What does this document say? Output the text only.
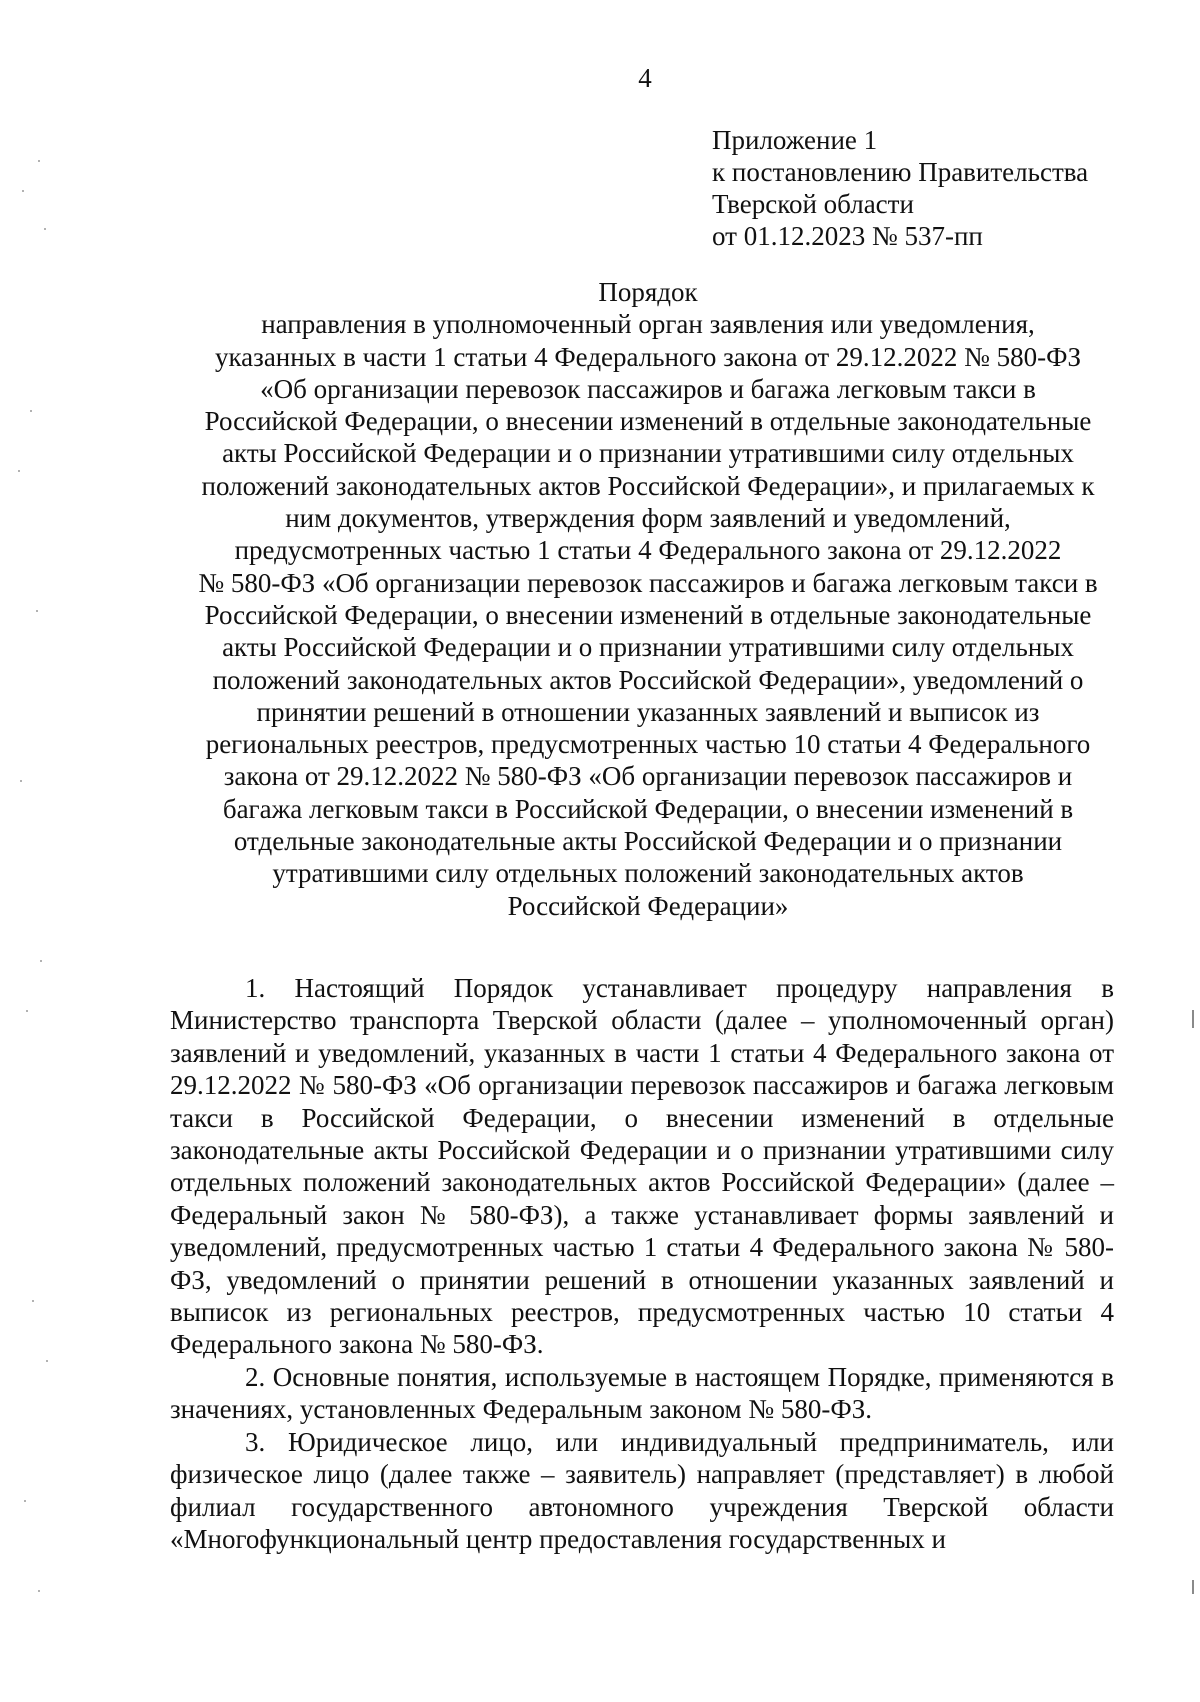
4
Приложение 1
к постановлению Правительства
Тверской области
от 01.12.2023 № 537-пп
Порядок
направления в уполномоченный орган заявления или уведомления,
указанных в части 1 статьи 4 Федерального закона от 29.12.2022 № 580-ФЗ
«Об организации перевозок пассажиров и багажа легковым такси в
Российской Федерации, о внесении изменений в отдельные законодательные
акты Российской Федерации и о признании утратившими силу отдельных
положений законодательных актов Российской Федерации», и прилагаемых к
ним документов, утверждения форм заявлений и уведомлений,
предусмотренных частью 1 статьи 4 Федерального закона от 29.12.2022
№ 580-ФЗ «Об организации перевозок пассажиров и багажа легковым такси в
Российской Федерации, о внесении изменений в отдельные законодательные
акты Российской Федерации и о признании утратившими силу отдельных
положений законодательных актов Российской Федерации», уведомлений о
принятии решений в отношении указанных заявлений и выписок из
региональных реестров, предусмотренных частью 10 статьи 4 Федерального
закона от 29.12.2022 № 580-ФЗ «Об организации перевозок пассажиров и
багажа легковым такси в Российской Федерации, о внесении изменений в
отдельные законодательные акты Российской Федерации и о признании
утратившими силу отдельных положений законодательных актов
Российской Федерации»

1. Настоящий Порядок устанавливает процедуру направления в Министерство транспорта Тверской области (далее – уполномоченный орган) заявлений и уведомлений, указанных в части 1 статьи 4 Федерального закона от 29.12.2022 № 580-ФЗ «Об организации перевозок пассажиров и багажа легковым такси в Российской Федерации, о внесении изменений в отдельные законодательные акты Российской Федерации и о признании утратившими силу отдельных положений законодательных актов Российской Федерации» (далее – Федеральный закон № 580-ФЗ), а также устанавливает формы заявлений и уведомлений, предусмотренных частью 1 статьи 4 Федерального закона № 580-ФЗ, уведомлений о принятии решений в отношении указанных заявлений и выписок из региональных реестров, предусмотренных частью 10 статьи 4 Федерального закона № 580-ФЗ.

2. Основные понятия, используемые в настоящем Порядке, применяются в значениях, установленных Федеральным законом № 580-ФЗ.

3. Юридическое лицо, или индивидуальный предприниматель, или физическое лицо (далее также – заявитель) направляет (представляет) в любой филиал государственного автономного учреждения Тверской области «Многофункциональный центр предоставления государственных и
